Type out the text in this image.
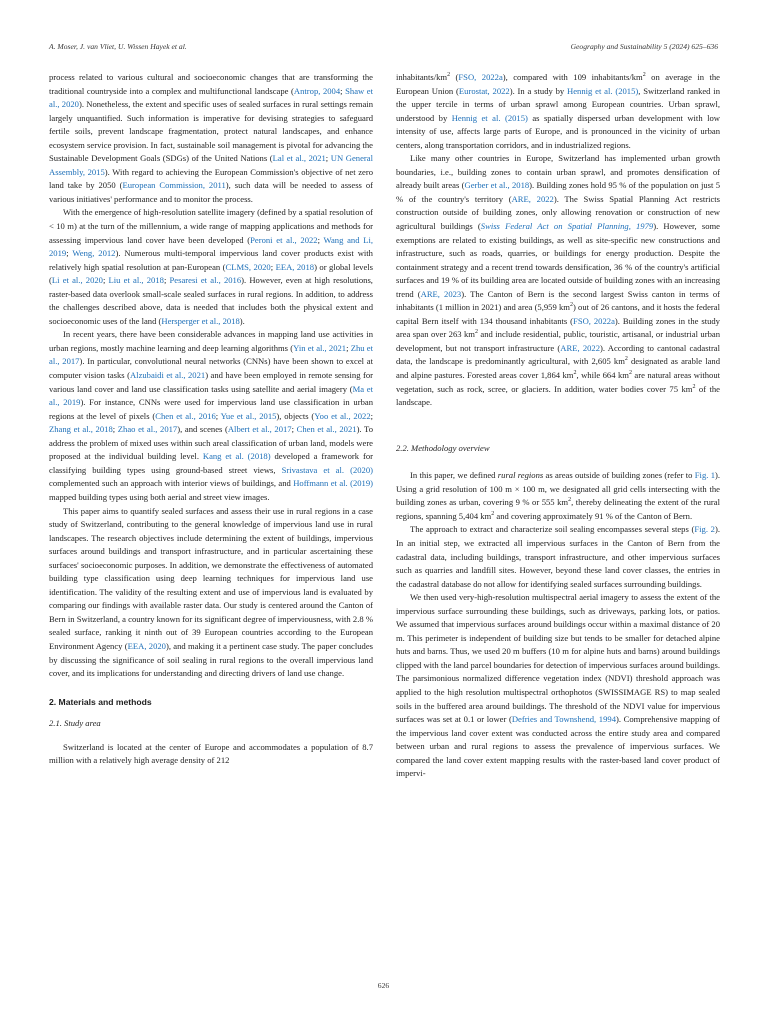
A. Moser, J. van Vliet, U. Wissen Hayek et al.	Geography and Sustainability 5 (2024) 625–636

process related to various cultural and socioeconomic changes that are transforming the traditional countryside into a complex and multifunctional landscape (Antrop, 2004; Shaw et al., 2020). Nonetheless, the extent and specific uses of sealed surfaces in rural settings remain largely unquantified. Such information is imperative for devising strategies to safeguard fertile soils, prevent landscape fragmentation, protect natural landscapes, and enhance ecosystem service provision. In fact, sustainable soil management is pivotal for advancing the Sustainable Development Goals (SDGs) of the United Nations (Lal et al., 2021; UN General Assembly, 2015). With regard to achieving the European Commission's objective of net zero land take by 2050 (European Commission, 2011), such data will be needed to assess of various initiatives' performance and to monitor the process.

With the emergence of high-resolution satellite imagery (defined by a spatial resolution of < 10 m) at the turn of the millennium, a wide range of mapping applications and methods for assessing impervious land cover have been developed (Peroni et al., 2022; Wang and Li, 2019; Weng, 2012). Numerous multi-temporal impervious land cover products exist with relatively high spatial resolution at pan-European (CLMS, 2020; EEA, 2018) or global levels (Li et al., 2020; Liu et al., 2018; Pesaresi et al., 2016). However, even at high resolutions, raster-based data overlook small-scale sealed surfaces in rural regions. In addition, to address the challenges described above, data is needed that includes both the physical extent and socioeconomic uses of the land (Hersperger et al., 2018).

In recent years, there have been considerable advances in mapping land use activities in urban regions, mostly machine learning and deep learning algorithms (Yin et al., 2021; Zhu et al., 2017). In particular, convolutional neural networks (CNNs) have been shown to excel at computer vision tasks (Alzubaidi et al., 2021) and have been employed in remote sensing for various land cover and land use classification tasks using satellite and aerial imagery (Ma et al., 2019). For instance, CNNs were used for impervious land use classification in urban regions at the level of pixels (Chen et al., 2016; Yue et al., 2015), objects (Yoo et al., 2022; Zhang et al., 2018; Zhao et al., 2017), and scenes (Albert et al., 2017; Chen et al., 2021). To address the problem of mixed uses within such areal classification of urban land, models were proposed at the individual building level. Kang et al. (2018) developed a framework for classifying building types using ground-based street views, Srivastava et al. (2020) complemented such an approach with interior views of buildings, and Hoffmann et al. (2019) mapped building types using both aerial and street view images.

This paper aims to quantify sealed surfaces and assess their use in rural regions in a case study of Switzerland, contributing to the general knowledge of impervious land use in rural landscapes. The research objectives include determining the extent of buildings, impervious surfaces around buildings and transport infrastructure, and in particular ascertaining these surfaces' socioeconomic purposes. In addition, we demonstrate the effectiveness of automated building type classification using deep learning techniques for impervious land use identification. The validity of the resulting extent and use of impervious land is evaluated by comparing our findings with available raster data. Our study is centered around the Canton of Bern in Switzerland, a country known for its significant degree of imperviousness, with 2.8 % sealed surface, ranking it ninth out of 39 European countries according to the European Environment Agency (EEA, 2020), and making it a pertinent case study. The paper concludes by discussing the significance of soil sealing in rural regions to the overall impervious land cover, and its implications for understanding and directing drivers of land use change.

2. Materials and methods
2.1. Study area

Switzerland is located at the center of Europe and accommodates a population of 8.7 million with a relatively high average density of 212

inhabitants/$km^2$ (FSO, 2022a), compared with 109 inhabitants/$km^2$ on average in the European Union (Eurostat, 2022). In a study by Hennig et al. (2015), Switzerland ranked in the upper tercile in terms of urban sprawl among European countries. Urban sprawl, understood by Hennig et al. (2015) as spatially dispersed urban development with low intensity of use, affects large parts of Europe, and is pronounced in the vicinity of urban centers, along transportation corridors, and in industrialized regions.

Like many other countries in Europe, Switzerland has implemented urban growth boundaries, i.e., building zones to contain urban sprawl, and promotes densification of already built areas (Gerber et al., 2018). Building zones hold 95 % of the population on just 5 % of the country's territory (ARE, 2022). The Swiss Spatial Planning Act restricts construction outside of building zones, only allowing renovation or construction of new agricultural buildings (Swiss Federal Act on Spatial Planning, 1979). However, some exemptions are related to existing buildings, as well as site-specific new constructions and infrastructure, such as roads, quarries, or buildings for energy production. Despite the containment strategy and a recent trend towards densification, 36 % of the country's artificial surfaces and 19 % of its building area are located outside of building zones with an increasing trend (ARE, 2023). The Canton of Bern is the second largest Swiss canton in terms of inhabitants (1 million in 2021) and area (5,959 $km^2$) out of 26 cantons, and it hosts the federal capital Bern itself with 134 thousand inhabitants (FSO, 2022a). Building zones in the study area span over 263 $km^2$ and include residential, public, touristic, artisanal, or industrial urban development, but not transport infrastructure (ARE, 2022). According to cantonal cadastral data, the landscape is predominantly agricultural, with 2,605 $km^2$ designated as arable land and alpine pastures. Forested areas cover 1,864 $km^2$, while 664 $km^2$ are natural areas without vegetation, such as rock, scree, or glaciers. In addition, water bodies cover 75 $km^2$ of the landscape.

2.2. Methodology overview

In this paper, we defined rural regions as areas outside of building zones (refer to Fig. 1). Using a grid resolution of 100 m × 100 m, we designated all grid cells intersecting with the building zones as urban, covering 9 % or 555 $km^2$, thereby delineating the extent of the rural regions, spanning 5,404 $km^2$ and covering approximately 91 % of the Canton of Bern.

The approach to extract and characterize soil sealing encompasses several steps (Fig. 2). In an initial step, we extracted all impervious surfaces in the Canton of Bern from the cadastral data, including buildings, transport infrastructure, and other impervious surfaces such as quarries and landfill sites. However, beyond these land cover classes, the entries in the cadastral database do not allow for identifying sealed surfaces surrounding buildings.

We then used very-high-resolution multispectral aerial imagery to assess the extent of the impervious surface surrounding these buildings, such as driveways, parking lots, or patios. We assumed that impervious surfaces around buildings occur within a maximal distance of 20 m. This perimeter is independent of building size but tends to be smaller for detached alpine huts and barns. Thus, we used 20 m buffers (10 m for alpine huts and barns) around buildings clipped with the land parcel boundaries for detection of impervious surfaces around buildings. The parsimonious normalized difference vegetation index (NDVI) threshold approach was applied to the high resolution multispectral orthophotos (SWISSIMAGE RS) to map sealed soils in the buffered area around buildings. The threshold of the NDVI value for impervious surfaces was set at 0.1 or lower (Defries and Townshend, 1994). Comprehensive mapping of the impervious land cover extent was conducted across the entire study area and compared between urban and rural regions to assess the prevalence of impervious surfaces. We compared the land cover extent mapping results with the raster-based land cover product of impervi-

626
